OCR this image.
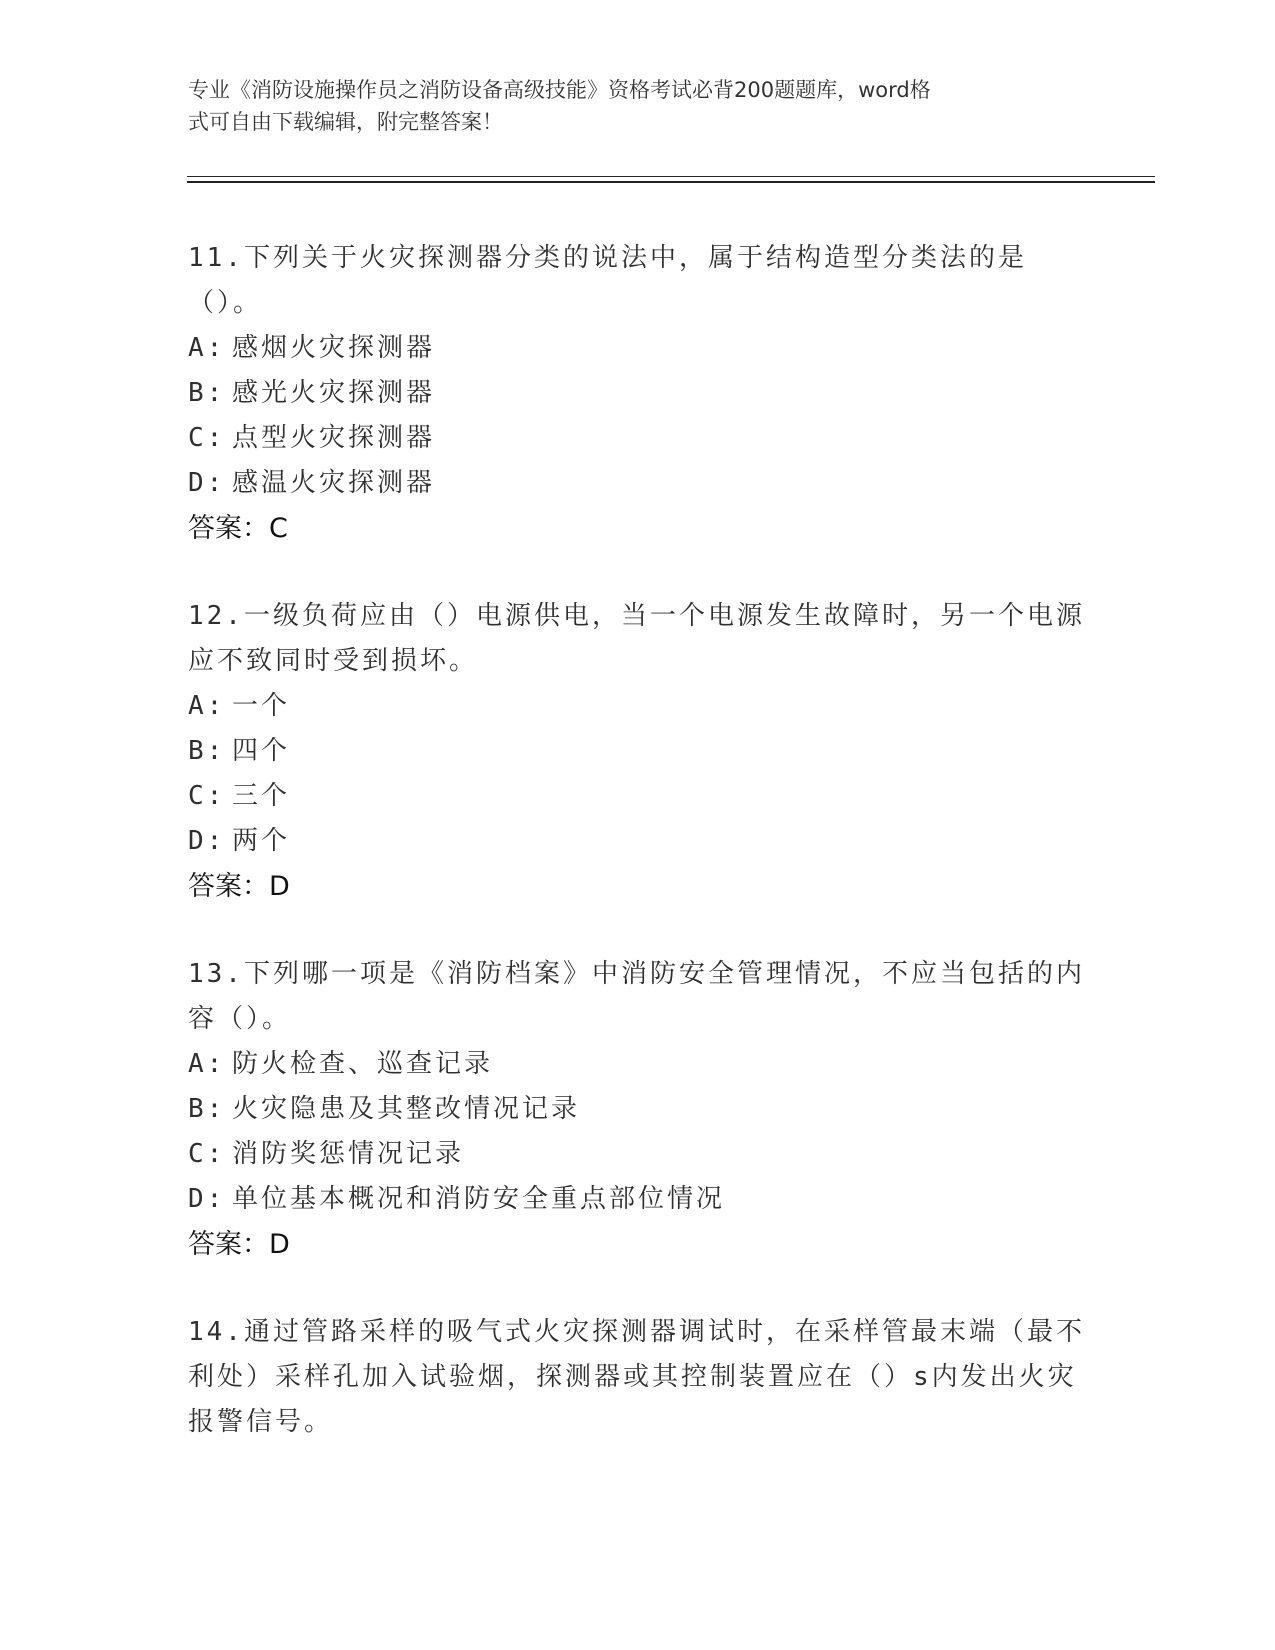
专业《消防设施操作员之消防设备高级技能》资格考试必背200题题库，word格
式可自由下载编辑，附完整答案！

11.下列关于火灾探测器分类的说法中，属于结构造型分类法的是（）。

A: 感烟火灾探测器
B: 感光火灾探测器
C: 点型火灾探测器
D: 感温火灾探测器

答案：C

12.一级负荷应由（）电源供电，当一个电源发生故障时，另一个电源应不致同时受到损坏。

A: 一个
B: 四个
C: 三个
D: 两个

答案：D

13.下列哪一项是《消防档案》中消防安全管理情况，不应当包括的内容（）。

A: 防火检查、巡查记录
B: 火灾隐患及其整改情况记录
C: 消防奖惩情况记录
D: 单位基本概况和消防安全重点部位情况

答案：D

14.通过管路采样的吸气式火灾探测器调试时，在采样管最末端（最不利处）采样孔加入试验烟，探测器或其控制装置应在（）s内发出火灾报警信号。
